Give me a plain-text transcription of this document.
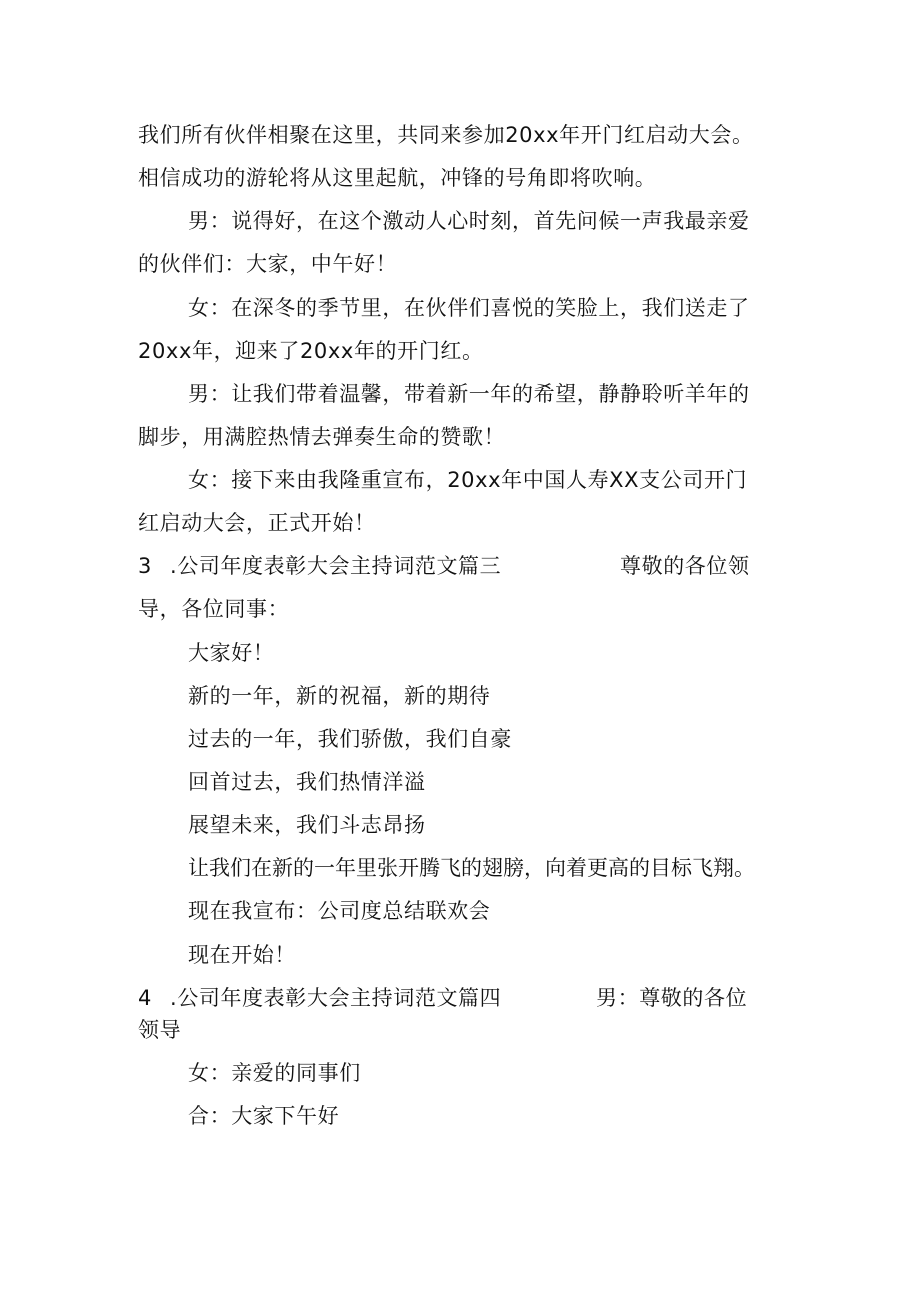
我们所有伙伴相聚在这里，共同来参加20xx年开门红启动大会。
相信成功的游轮将从这里起航，冲锋的号角即将吹响。
男：说得好，在这个激动人心时刻，首先问候一声我最亲爱
的伙伴们：大家，中午好！
女：在深冬的季节里，在伙伴们喜悦的笑脸上，我们送走了
20xx年，迎来了20xx年的开门红。
男：让我们带着温馨，带着新一年的希望，静静聆听羊年的
脚步，用满腔热情去弹奏生命的赞歌！
女：接下来由我隆重宣布，20xx年中国人寿XX支公司开门
红启动大会，正式开始！
3 .公司年度表彰大会主持词范文篇三	尊敬的各位领
导，各位同事：
大家好！
新的一年，新的祝福，新的期待
过去的一年，我们骄傲，我们自豪
回首过去，我们热情洋溢
展望未来，我们斗志昂扬
让我们在新的一年里张开腾飞的翅膀，向着更高的目标飞翔。
现在我宣布：公司度总结联欢会
现在开始！
4 .公司年度表彰大会主持词范文篇四	男：尊敬的各位
领导
女：亲爱的同事们
合：大家下午好
